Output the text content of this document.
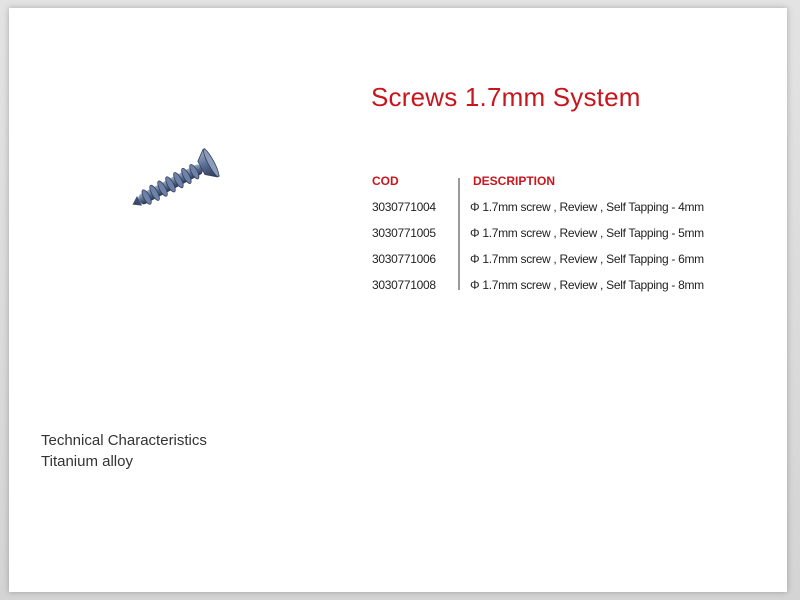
Screws 1.7mm System
COD	DESCRIPTION
3030771004	Φ 1.7mm screw , Review , Self Tapping - 4mm
3030771005	Φ 1.7mm screw , Review , Self Tapping - 5mm
3030771006	Φ 1.7mm screw , Review , Self Tapping - 6mm
3030771008	Φ 1.7mm screw , Review , Self Tapping - 8mm
Technical Characteristics
Titanium alloy
